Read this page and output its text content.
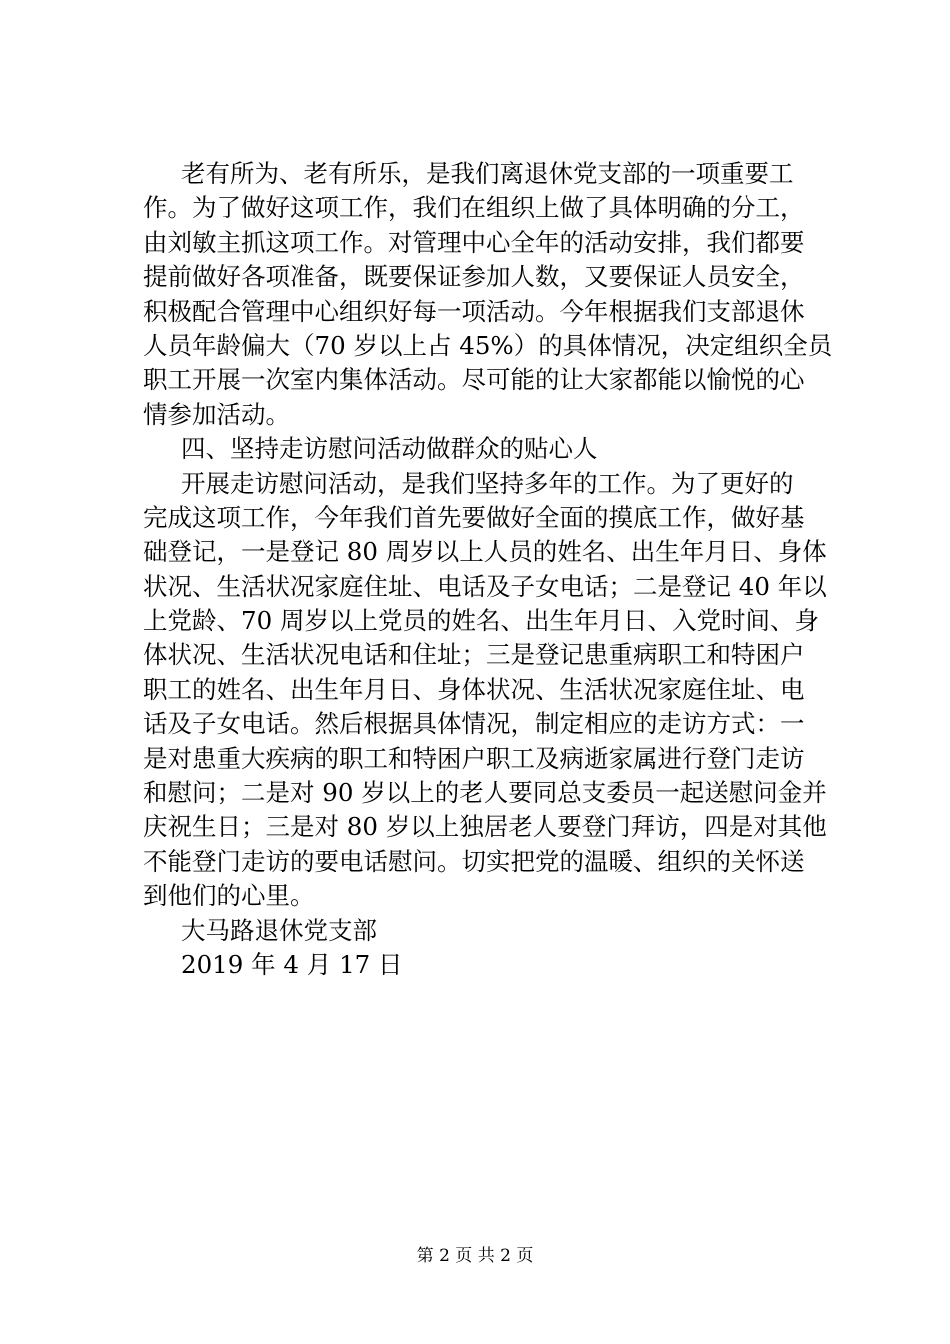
老有所为、老有所乐，是我们离退休党支部的一项重要工
作。为了做好这项工作，我们在组织上做了具体明确的分工，
由刘敏主抓这项工作。对管理中心全年的活动安排，我们都要
提前做好各项准备，既要保证参加人数，又要保证人员安全，
积极配合管理中心组织好每一项活动。今年根据我们支部退休
人员年龄偏大（70 岁以上占 45%）的具体情况，决定组织全员
职工开展一次室内集体活动。尽可能的让大家都能以愉悦的心
情参加活动。
四、坚持走访慰问活动做群众的贴心人
开展走访慰问活动，是我们坚持多年的工作。为了更好的
完成这项工作，今年我们首先要做好全面的摸底工作，做好基
础登记，一是登记 80 周岁以上人员的姓名、出生年月日、身体
状况、生活状况家庭住址、电话及子女电话；二是登记 40 年以
上党龄、70 周岁以上党员的姓名、出生年月日、入党时间、身
体状况、生活状况电话和住址；三是登记患重病职工和特困户
职工的姓名、出生年月日、身体状况、生活状况家庭住址、电
话及子女电话。然后根据具体情况，制定相应的走访方式：一
是对患重大疾病的职工和特困户职工及病逝家属进行登门走访
和慰问；二是对 90 岁以上的老人要同总支委员一起送慰问金并
庆祝生日；三是对 80 岁以上独居老人要登门拜访，四是对其他
不能登门走访的要电话慰问。切实把党的温暖、组织的关怀送
到他们的心里。
大马路退休党支部
2019 年 4 月 17 日
第 2 页 共 2 页
